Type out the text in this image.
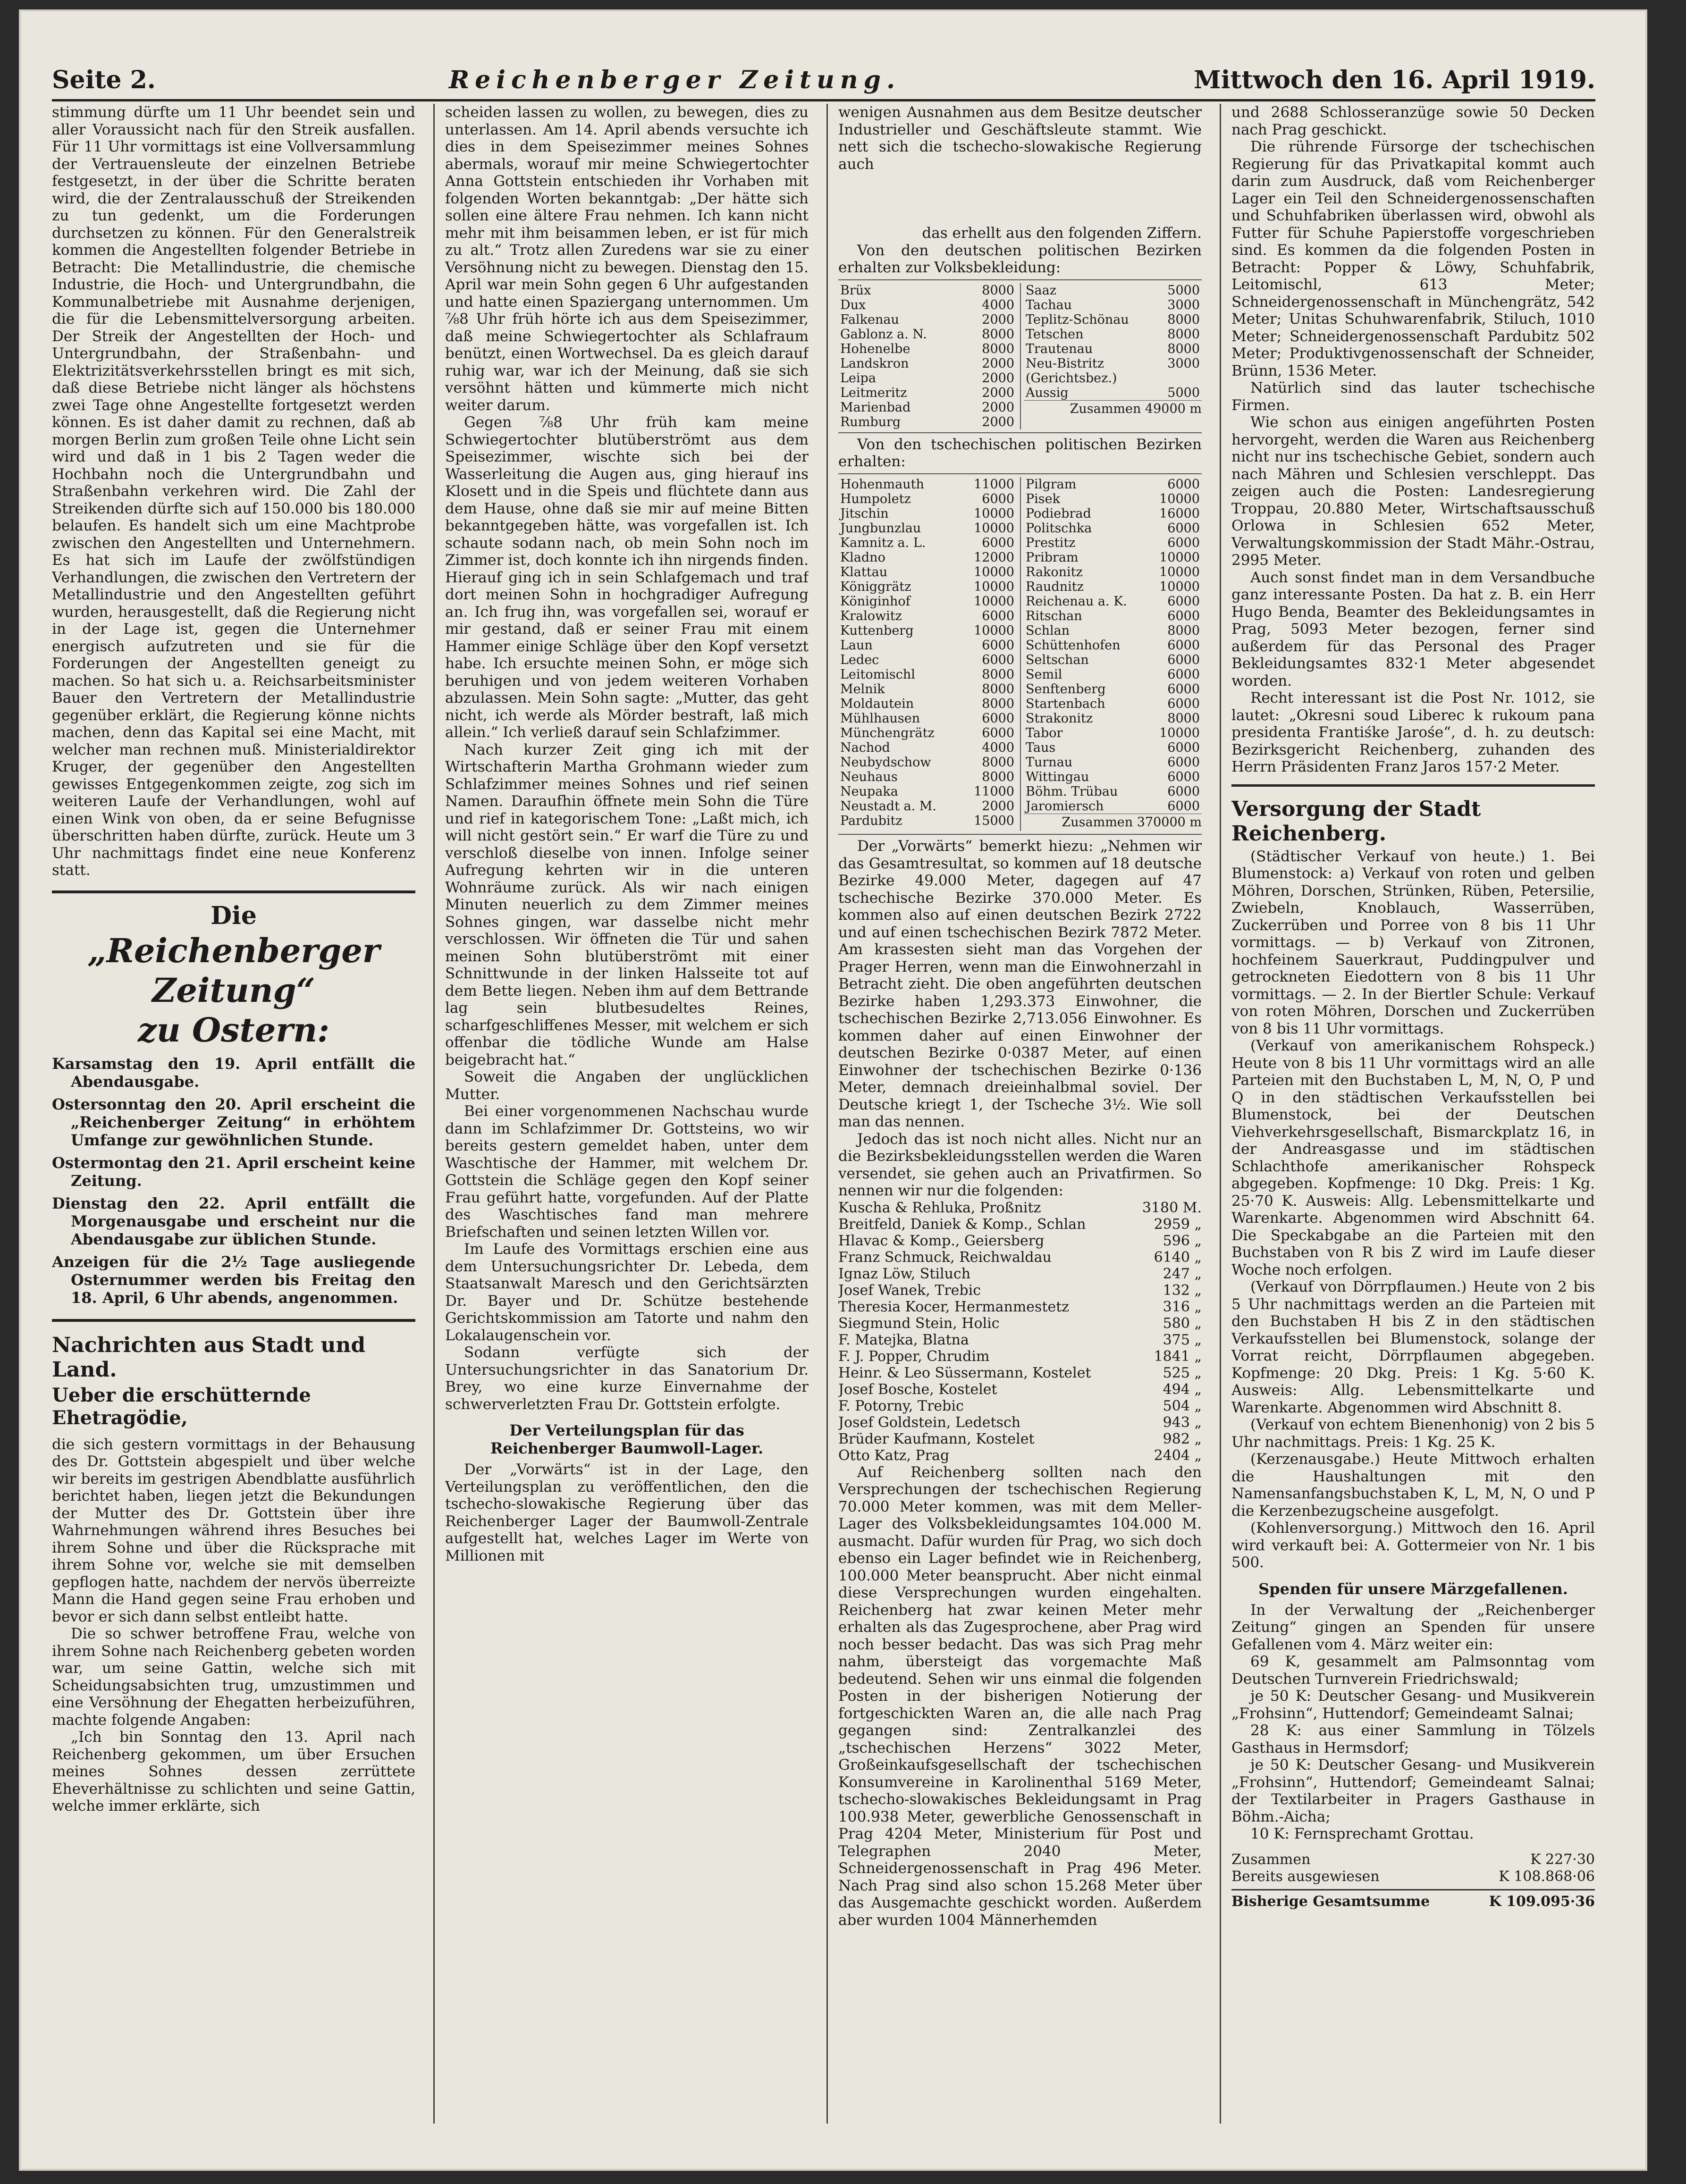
Seite 2.	Reichenberger Zeitung.	Mittwoch den 16. April 1919.

stimmung dürfte um 11 Uhr beendet sein und aller Voraussicht nach für den Streik ausfallen. Für 11 Uhr vormittags ist eine Vollversammlung der Vertrauensleute der einzelnen Betriebe festgesetzt, in der über die Schritte beraten wird, die der Zentralausschuß der Streikenden zu tun gedenkt, um die Forderungen durchsetzen zu können. Für den Generalstreik kommen die Angestellten folgender Betriebe in Betracht: Die Metallindustrie, die chemische Industrie, die Hoch- und Untergrundbahn, die Kommunalbetriebe mit Ausnahme derjenigen, die für die Lebensmittelversorgung arbeiten. Der Streik der Angestellten der Hoch- und Untergrundbahn, der Straßenbahn- und Elektrizitätsverkehrsstellen bringt es mit sich, daß diese Betriebe nicht länger als höchstens zwei Tage ohne Angestellte fortgesetzt werden können. Es ist daher damit zu rechnen, daß ab morgen Berlin zum großen Teile ohne Licht sein wird und daß in 1 bis 2 Tagen weder die Hochbahn noch die Untergrundbahn und Straßenbahn verkehren wird. Die Zahl der Streikenden dürfte sich auf 150.000 bis 180.000 belaufen. Es handelt sich um eine Machtprobe zwischen den Angestellten und Unternehmern. Es hat sich im Laufe der zwölfstündigen Verhandlungen, die zwischen den Vertretern der Metallindustrie und den Angestellten geführt wurden, herausgestellt, daß die Regierung nicht in der Lage ist, gegen die Unternehmer energisch aufzutreten und sie für die Forderungen der Angestellten geneigt zu machen. So hat sich u. a. Reichsarbeitsminister Bauer den Vertretern der Metallindustrie gegenüber erklärt, die Regierung könne nichts machen, denn das Kapital sei eine Macht, mit welcher man rechnen muß. Ministerialdirektor Kruger, der gegenüber den Angestellten gewisses Entgegenkommen zeigte, zog sich im weiteren Laufe der Verhandlungen, wohl auf einen Wink von oben, da er seine Befugnisse überschritten haben dürfte, zurück. Heute um 3 Uhr nachmittags findet eine neue Konferenz statt.

Die
„Reichenberger Zeitung“
zu Ostern:
Karsamstag den 19. April entfällt die Abendausgabe.
Ostersonntag den 20. April erscheint die „Reichenberger Zeitung“ in erhöhtem Umfange zur gewöhnlichen Stunde.
Ostermontag den 21. April erscheint keine Zeitung.
Dienstag den 22. April entfällt die Morgenausgabe und erscheint nur die Abendausgabe zur üblichen Stunde.
Anzeigen für die 2½ Tage ausliegende Osternummer werden bis Freitag den 18. April, 6 Uhr abends, angenommen.
Nachrichten aus Stadt und Land.
Ueber die erschütternde Ehetragödie,

die sich gestern vormittags in der Behausung des Dr. Gottstein abgespielt und über welche wir bereits im gestrigen Abendblatte ausführlich berichtet haben, liegen jetzt die Bekundungen der Mutter des Dr. Gottstein über ihre Wahrnehmungen während ihres Besuches bei ihrem Sohne und über die Rücksprache mit ihrem Sohne vor, welche sie mit demselben gepflogen hatte, nachdem der nervös überreizte Mann die Hand gegen seine Frau erhoben und bevor er sich dann selbst entleibt hatte.

Die so schwer betroffene Frau, welche von ihrem Sohne nach Reichenberg gebeten worden war, um seine Gattin, welche sich mit Scheidungsabsichten trug, umzustimmen und eine Versöhnung der Ehegatten herbeizuführen, machte folgende Angaben:

„Ich bin Sonntag den 13. April nach Reichenberg gekommen, um über Ersuchen meines Sohnes dessen zerrüttete Eheverhältnisse zu schlichten und seine Gattin, welche immer erklärte, sich

scheiden lassen zu wollen, zu bewegen, dies zu unterlassen. Am 14. April abends versuchte ich dies in dem Speisezimmer meines Sohnes abermals, worauf mir meine Schwiegertochter Anna Gottstein entschieden ihr Vorhaben mit folgenden Worten bekanntgab: „Der hätte sich sollen eine ältere Frau nehmen. Ich kann nicht mehr mit ihm beisammen leben, er ist für mich zu alt.“ Trotz allen Zuredens war sie zu einer Versöhnung nicht zu bewegen. Dienstag den 15. April war mein Sohn gegen 6 Uhr aufgestanden und hatte einen Spaziergang unternommen. Um ⅞8 Uhr früh hörte ich aus dem Speisezimmer, daß meine Schwiegertochter als Schlafraum benützt, einen Wortwechsel. Da es gleich darauf ruhig war, war ich der Meinung, daß sie sich versöhnt hätten und kümmerte mich nicht weiter darum.

Gegen ⅞8 Uhr früh kam meine Schwiegertochter blutüberströmt aus dem Speisezimmer, wischte sich bei der Wasserleitung die Augen aus, ging hierauf ins Klosett und in die Speis und flüchtete dann aus dem Hause, ohne daß sie mir auf meine Bitten bekanntgegeben hätte, was vorgefallen ist. Ich schaute sodann nach, ob mein Sohn noch im Zimmer ist, doch konnte ich ihn nirgends finden. Hierauf ging ich in sein Schlafgemach und traf dort meinen Sohn in hochgradiger Aufregung an. Ich frug ihn, was vorgefallen sei, worauf er mir gestand, daß er seiner Frau mit einem Hammer einige Schläge über den Kopf versetzt habe. Ich ersuchte meinen Sohn, er möge sich beruhigen und von jedem weiteren Vorhaben abzulassen. Mein Sohn sagte: „Mutter, das geht nicht, ich werde als Mörder bestraft, laß mich allein.“ Ich verließ darauf sein Schlafzimmer.

Nach kurzer Zeit ging ich mit der Wirtschafterin Martha Grohmann wieder zum Schlafzimmer meines Sohnes und rief seinen Namen. Daraufhin öffnete mein Sohn die Türe und rief in kategorischem Tone: „Laßt mich, ich will nicht gestört sein.“ Er warf die Türe zu und verschloß dieselbe von innen. Infolge seiner Aufregung kehrten wir in die unteren Wohnräume zurück. Als wir nach einigen Minuten neuerlich zu dem Zimmer meines Sohnes gingen, war dasselbe nicht mehr verschlossen. Wir öffneten die Tür und sahen meinen Sohn blutüberströmt mit einer Schnittwunde in der linken Halsseite tot auf dem Bette liegen. Neben ihm auf dem Bettrande lag sein blutbesudeltes Reines, scharfgeschliffenes Messer, mit welchem er sich offenbar die tödliche Wunde am Halse beigebracht hat.“

Soweit die Angaben der unglücklichen Mutter.

Bei einer vorgenommenen Nachschau wurde dann im Schlafzimmer Dr. Gottsteins, wo wir bereits gestern gemeldet haben, unter dem Waschtische der Hammer, mit welchem Dr. Gottstein die Schläge gegen den Kopf seiner Frau geführt hatte, vorgefunden. Auf der Platte des Waschtisches fand man mehrere Briefschaften und seinen letzten Willen vor.

Im Laufe des Vormittags erschien eine aus dem Untersuchungsrichter Dr. Lebeda, dem Staatsanwalt Maresch und den Gerichtsärzten Dr. Bayer und Dr. Schütze bestehende Gerichtskommission am Tatorte und nahm den Lokalaugenschein vor.

Sodann verfügte sich der Untersuchungsrichter in das Sanatorium Dr. Brey, wo eine kurze Einvernahme der schwerverletzten Frau Dr. Gottstein erfolgte.

Der Verteilungsplan für das Reichenberger Baumwoll-Lager.

Der „Vorwärts“ ist in der Lage, den Verteilungsplan zu veröffentlichen, den die tschecho-slowakische Regierung über das Reichenberger Lager der Baumwoll-Zentrale aufgestellt hat, welches Lager im Werte von Millionen mit

wenigen Ausnahmen aus dem Besitze deutscher Industrieller und Geschäftsleute stammt. Wie nett sich die tschecho-slowakische Regierung auch

das erhellt aus den folgenden Ziffern.

Von den deutschen politischen Bezirken erhalten zur Volksbekleidung:

Brüx	8000
Dux	4000
Falkenau	2000
Gablonz a. N.	8000
Hohenelbe	8000
Landskron	2000
Leipa	2000
Leitmeritz	2000
Marienbad	2000
Rumburg	2000
Saaz	5000
Tachau	3000
Teplitz-Schönau	8000
Tetschen	8000
Trautenau	8000
Neu-Bistritz (Gerichtsbez.)	3000
Aussig	5000
Zusammen 49000 m

Von den tschechischen politischen Bezirken erhalten:

Hohenmauth	11000
Humpoletz	6000
Jitschin	10000
Jungbunzlau	10000
Kamnitz a. L.	6000
Kladno	12000
Klattau	10000
Königgrätz	10000
Königinhof	10000
Kralowitz	6000
Kuttenberg	10000
Laun	6000
Ledec	6000
Leitomischl	8000
Melnik	8000
Moldautein	8000
Mühlhausen	6000
Münchengrätz	6000
Nachod	4000
Neubydschow	8000
Neuhaus	8000
Neupaka	11000
Neustadt a. M.	2000
Pardubitz	15000
Pilgram	6000
Pisek	10000
Podiebrad	16000
Politschka	6000
Prestitz	6000
Pribram	10000
Rakonitz	10000
Raudnitz	10000
Reichenau a. K.	6000
Ritschan	6000
Schlan	8000
Schüttenhofen	6000
Seltschan	6000
Semil	6000
Senftenberg	6000
Startenbach	6000
Strakonitz	8000
Tabor	10000
Taus	6000
Turnau	6000
Wittingau	6000
Böhm. Trübau	6000
Jaromiersch	6000
Zusammen 370000 m

Der „Vorwärts“ bemerkt hiezu: „Nehmen wir das Gesamtresultat, so kommen auf 18 deutsche Bezirke 49.000 Meter, dagegen auf 47 tschechische Bezirke 370.000 Meter. Es kommen also auf einen deutschen Bezirk 2722 und auf einen tschechischen Bezirk 7872 Meter. Am krassesten sieht man das Vorgehen der Prager Herren, wenn man die Einwohnerzahl in Betracht zieht. Die oben angeführten deutschen Bezirke haben 1,293.373 Einwohner, die tschechischen Bezirke 2,713.056 Einwohner. Es kommen daher auf einen Einwohner der deutschen Bezirke 0·0387 Meter, auf einen Einwohner der tschechischen Bezirke 0·136 Meter, demnach dreieinhalbmal soviel. Der Deutsche kriegt 1, der Tscheche 3½. Wie soll man das nennen.

Jedoch das ist noch nicht alles. Nicht nur an die Bezirksbekleidungsstellen werden die Waren versendet, sie gehen auch an Privatfirmen. So nennen wir nur die folgenden:

Kuscha & Rehluka, Proßnitz	3180 M.
Breitfeld, Daniek & Komp., Schlan	2959 „
Hlavac & Komp., Geiersberg	596 „
Franz Schmuck, Reichwaldau	6140 „
Ignaz Löw, Stiluch	247 „
Josef Wanek, Trebic	132 „
Theresia Kocer, Hermanmestetz	316 „
Siegmund Stein, Holic	580 „
F. Matejka, Blatna	375 „
F. J. Popper, Chrudim	1841 „
Heinr. & Leo Süssermann, Kostelet	525 „
Josef Bosche, Kostelet	494 „
F. Potorny, Trebic	504 „
Josef Goldstein, Ledetsch	943 „
Brüder Kaufmann, Kostelet	982 „
Otto Katz, Prag	2404 „

Auf Reichenberg sollten nach den Versprechungen der tschechischen Regierung 70.000 Meter kommen, was mit dem Meller-Lager des Volksbekleidungsamtes 104.000 M. ausmacht. Dafür wurden für Prag, wo sich doch ebenso ein Lager befindet wie in Reichenberg, 100.000 Meter beansprucht. Aber nicht einmal diese Versprechungen wurden eingehalten. Reichenberg hat zwar keinen Meter mehr erhalten als das Zugesprochene, aber Prag wird noch besser bedacht. Das was sich Prag mehr nahm, übersteigt das vorgemachte Maß bedeutend. Sehen wir uns einmal die folgenden Posten in der bisherigen Notierung der fortgeschickten Waren an, die alle nach Prag gegangen sind: Zentralkanzlei des „tschechischen Herzens“ 3022 Meter, Großeinkaufsgesellschaft der tschechischen Konsumvereine in Karolinenthal 5169 Meter, tschecho-slowakisches Bekleidungsamt in Prag 100.938 Meter, gewerbliche Genossenschaft in Prag 4204 Meter, Ministerium für Post und Telegraphen 2040 Meter, Schneidergenossenschaft in Prag 496 Meter. Nach Prag sind also schon 15.268 Meter über das Ausgemachte geschickt worden. Außerdem aber wurden 1004 Männerhemden

und 2688 Schlosseranzüge sowie 50 Decken nach Prag geschickt.

Die rührende Fürsorge der tschechischen Regierung für das Privatkapital kommt auch darin zum Ausdruck, daß vom Reichenberger Lager ein Teil den Schneidergenossenschaften und Schuhfabriken überlassen wird, obwohl als Futter für Schuhe Papierstoffe vorgeschrieben sind. Es kommen da die folgenden Posten in Betracht: Popper & Löwy, Schuhfabrik, Leitomischl, 613 Meter; Schneidergenossenschaft in Münchengrätz, 542 Meter; Unitas Schuhwarenfabrik, Stiluch, 1010 Meter; Schneidergenossenschaft Pardubitz 502 Meter; Produktivgenossenschaft der Schneider, Brünn, 1536 Meter.

Natürlich sind das lauter tschechische Firmen.

Wie schon aus einigen angeführten Posten hervorgeht, werden die Waren aus Reichenberg nicht nur ins tschechische Gebiet, sondern auch nach Mähren und Schlesien verschleppt. Das zeigen auch die Posten: Landesregierung Troppau, 20.880 Meter, Wirtschaftsausschuß Orlowa in Schlesien 652 Meter, Verwaltungskommission der Stadt Mähr.-Ostrau, 2995 Meter.

Auch sonst findet man in dem Versandbuche ganz interessante Posten. Da hat z. B. ein Herr Hugo Benda, Beamter des Bekleidungsamtes in Prag, 5093 Meter bezogen, ferner sind außerdem für das Personal des Prager Bekleidungsamtes 832·1 Meter abgesendet worden.

Recht interessant ist die Post Nr. 1012, sie lautet: „Okresni soud Liberec k rukoum pana presidenta Frantiśke Jarośe“, d. h. zu deutsch: Bezirksgericht Reichenberg, zuhanden des Herrn Präsidenten Franz Jaros 157·2 Meter.

Versorgung der Stadt Reichenberg.

(Städtischer Verkauf von heute.) 1. Bei Blumenstock: a) Verkauf von roten und gelben Möhren, Dorschen, Strünken, Rüben, Petersilie, Zwiebeln, Knoblauch, Wasserrüben, Zuckerrüben und Porree von 8 bis 11 Uhr vormittags. — b) Verkauf von Zitronen, hochfeinem Sauerkraut, Puddingpulver und getrockneten Eiedottern von 8 bis 11 Uhr vormittags. — 2. In der Biertler Schule: Verkauf von roten Möhren, Dorschen und Zuckerrüben von 8 bis 11 Uhr vormittags.

(Verkauf von amerikanischem Rohspeck.) Heute von 8 bis 11 Uhr vormittags wird an alle Parteien mit den Buchstaben L, M, N, O, P und Q in den städtischen Verkaufsstellen bei Blumenstock, bei der Deutschen Viehverkehrsgesellschaft, Bismarckplatz 16, in der Andreasgasse und im städtischen Schlachthofe amerikanischer Rohspeck abgegeben. Kopfmenge: 10 Dkg. Preis: 1 Kg. 25·70 K. Ausweis: Allg. Lebensmittelkarte und Warenkarte. Abgenommen wird Abschnitt 64. Die Speckabgabe an die Parteien mit den Buchstaben von R bis Z wird im Laufe dieser Woche noch erfolgen.

(Verkauf von Dörrpflaumen.) Heute von 2 bis 5 Uhr nachmittags werden an die Parteien mit den Buchstaben H bis Z in den städtischen Verkaufsstellen bei Blumenstock, solange der Vorrat reicht, Dörrpflaumen abgegeben. Kopfmenge: 20 Dkg. Preis: 1 Kg. 5·60 K. Ausweis: Allg. Lebensmittelkarte und Warenkarte. Abgenommen wird Abschnitt 8.

(Verkauf von echtem Bienenhonig) von 2 bis 5 Uhr nachmittags. Preis: 1 Kg. 25 K.

(Kerzenausgabe.) Heute Mittwoch erhalten die Haushaltungen mit den Namensanfangsbuchstaben K, L, M, N, O und P die Kerzenbezugscheine ausgefolgt.

(Kohlenversorgung.) Mittwoch den 16. April wird verkauft bei: A. Gottermeier von Nr. 1 bis 500.

Spenden für unsere Märzgefallenen.

In der Verwaltung der „Reichenberger Zeitung“ gingen an Spenden für unsere Gefallenen vom 4. März weiter ein:

69 K, gesammelt am Palmsonntag vom Deutschen Turnverein Friedrichswald;

je 50 K: Deutscher Gesang- und Musikverein „Frohsinn“, Huttendorf; Gemeindeamt Salnai;

28 K: aus einer Sammlung in Tölzels Gasthaus in Hermsdorf;

je 50 K: Deutscher Gesang- und Musikverein „Frohsinn“, Huttendorf; Gemeindeamt Salnai; der Textilarbeiter in Pragers Gasthause in Böhm.-Aicha;

10 K: Fernsprechamt Grottau.

Zusammen	K 227·30
Bereits ausgewiesen	K 108.868·06
Bisherige Gesamtsumme	K 109.095·36
